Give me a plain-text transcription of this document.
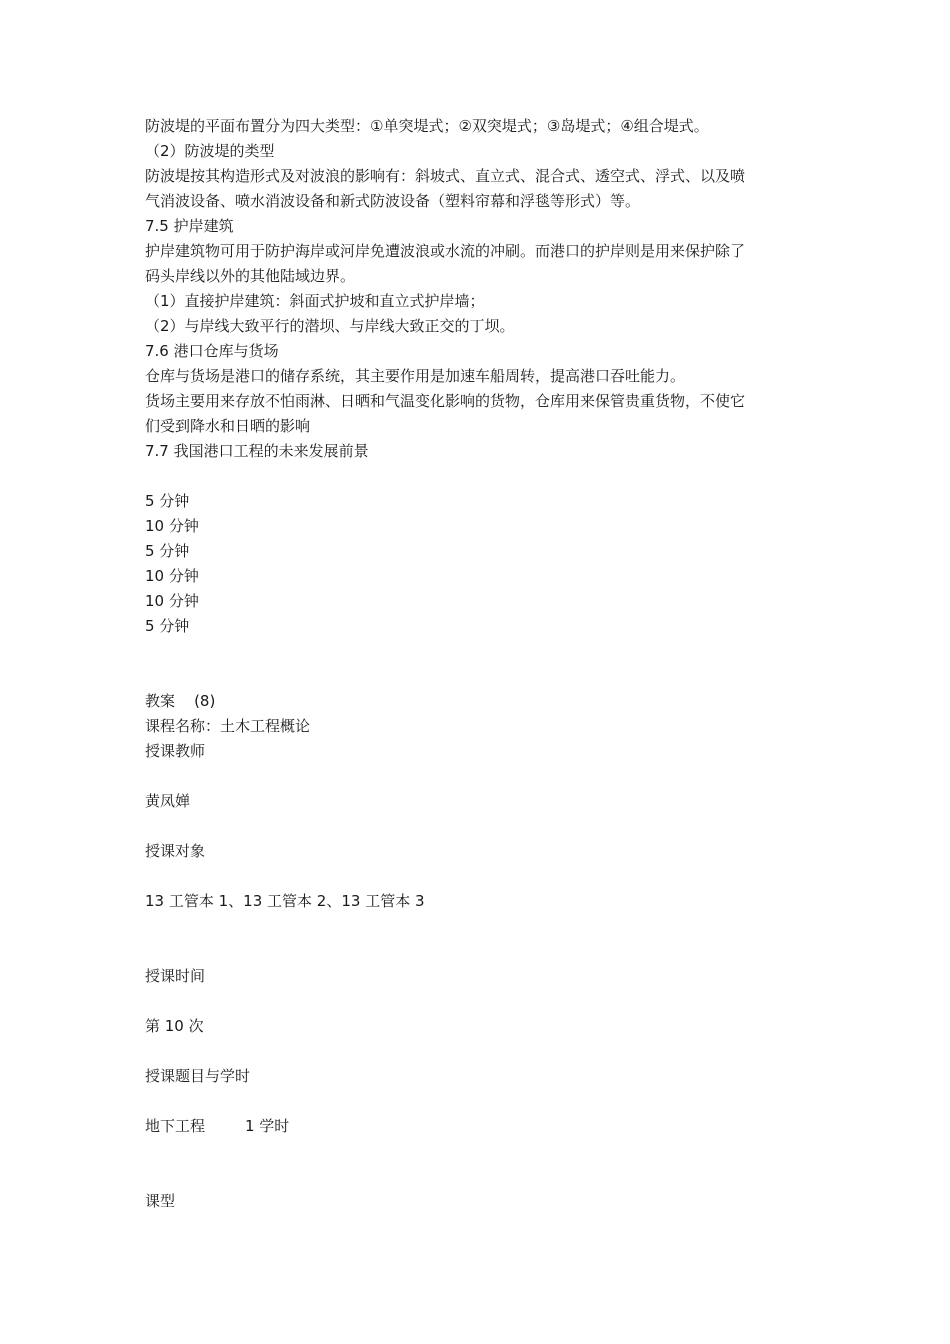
防波堤的平面布置分为四大类型：①单突堤式；②双突堤式；③岛堤式；④组合堤式。
（2）防波堤的类型
防波堤按其构造形式及对波浪的影响有：斜坡式、直立式、混合式、透空式、浮式、以及喷
气消波设备、喷水消波设备和新式防波设备（塑料帘幕和浮毯等形式）等。
7.5 护岸建筑
护岸建筑物可用于防护海岸或河岸免遭波浪或水流的冲刷。而港口的护岸则是用来保护除了
码头岸线以外的其他陆域边界。
（1）直接护岸建筑：斜面式护坡和直立式护岸墙；
（2）与岸线大致平行的潜坝、与岸线大致正交的丁坝。
7.6 港口仓库与货场
仓库与货场是港口的储存系统，其主要作用是加速车船周转，提高港口吞吐能力。
货场主要用来存放不怕雨淋、日晒和气温变化影响的货物，仓库用来保管贵重货物，不使它
们受到降水和日晒的影响
7.7 我国港口工程的未来发展前景
5 分钟
10 分钟
5 分钟
10 分钟
10 分钟
5 分钟
教案    (8)
课程名称：土木工程概论
授课教师
黄凤婵
授课对象
13 工管本 1、13 工管本 2、13 工管本 3
授课时间
第 10 次
授课题目与学时
地下工程	1 学时
课型
